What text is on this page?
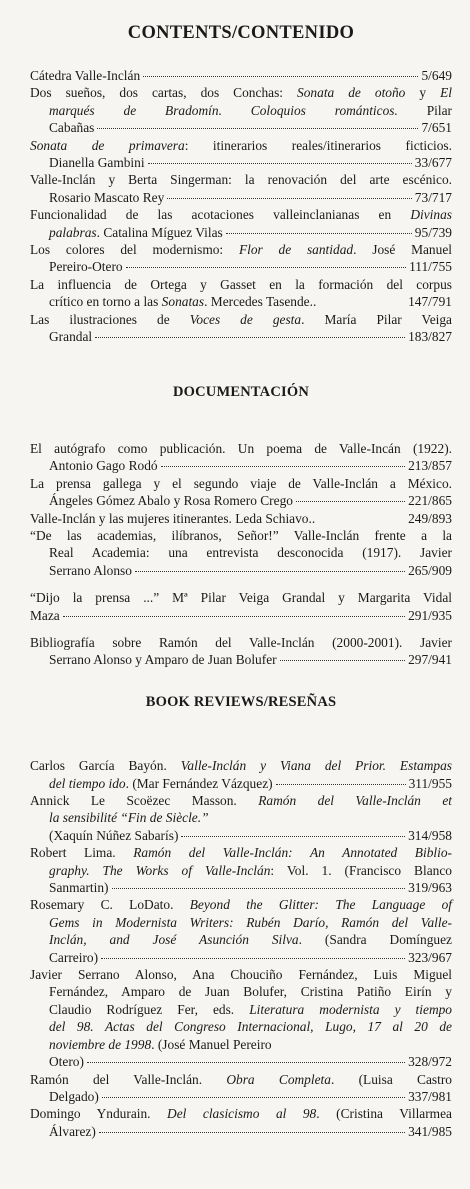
CONTENTS/CONTENIDO
Cátedra Valle-Inclán	5/649
Dos sueños, dos cartas, dos Conchas: Sonata de otoño y El
marqués de Bradomín. Coloquios románticos. Pilar
Cabañas	7/651
Sonata de primavera: itinerarios reales/itinerarios ficticios.
Dianella Gambini	33/677
Valle-Inclán y Berta Singerman: la renovación del arte escénico.
Rosario Mascato Rey	73/717
Funcionalidad de las acotaciones valleinclanianas en Divinas
palabras. Catalina Míguez Vilas	95/739
Los colores del modernismo: Flor de santidad. José Manuel
Pereiro-Otero	111/755
La influencia de Ortega y Gasset en la formación del corpus
crítico en torno a las Sonatas. Mercedes Tasende..	147/791
Las ilustraciones de Voces de gesta. María Pilar Veiga
Grandal	183/827
DOCUMENTACIÓN
El autógrafo como publicación. Un poema de Valle-Incán (1922).
Antonio Gago Rodó	213/857
La prensa gallega y el segundo viaje de Valle-Inclán a México.
Ángeles Gómez Abalo y Rosa Romero Crego	221/865
Valle-Inclán y las mujeres itinerantes. Leda Schiavo..	249/893
“De las academias, ilíbranos, Señor!” Valle-Inclán frente a la
Real Academia: una entrevista desconocida (1917). Javier
Serrano Alonso	265/909
“Dijo la prensa ...” Mª Pilar Veiga Grandal y Margarita Vidal
Maza	291/935
Bibliografía sobre Ramón del Valle-Inclán (2000-2001). Javier
Serrano Alonso y Amparo de Juan Bolufer	297/941
BOOK REVIEWS/RESEÑAS
Carlos García Bayón. Valle-Inclán y Viana del Prior. Estampas
del tiempo ido. (Mar Fernández Vázquez)	311/955
Annick Le Scoëzec Masson. Ramón del Valle-Inclán et
la sensibilité “Fin de Siècle.”
(Xaquín Núñez Sabarís)	314/958
Robert Lima. Ramón del Valle-Inclán: An Annotated Biblio-
graphy. The Works of Valle-Inclán: Vol. 1. (Francisco Blanco
Sanmartin)	319/963
Rosemary C. LoDato. Beyond the Glitter: The Language of
Gems in Modernista Writers: Rubén Darío, Ramón del Valle-
Inclán, and José Asunción Silva. (Sandra Domínguez
Carreiro)	323/967
Javier Serrano Alonso, Ana Chouciño Fernández, Luis Miguel
Fernández, Amparo de Juan Bolufer, Cristina Patiño Eirín y
Claudio Rodríguez Fer, eds. Literatura modernista y tiempo
del 98. Actas del Congreso Internacional, Lugo, 17 al 20 de
noviembre de 1998. (José Manuel Pereiro
Otero)	328/972
Ramón del Valle-Inclán. Obra Completa. (Luisa Castro
Delgado)	337/981
Domingo Yndurain. Del clasicismo al 98. (Cristina Villarmea
Álvarez)	341/985
